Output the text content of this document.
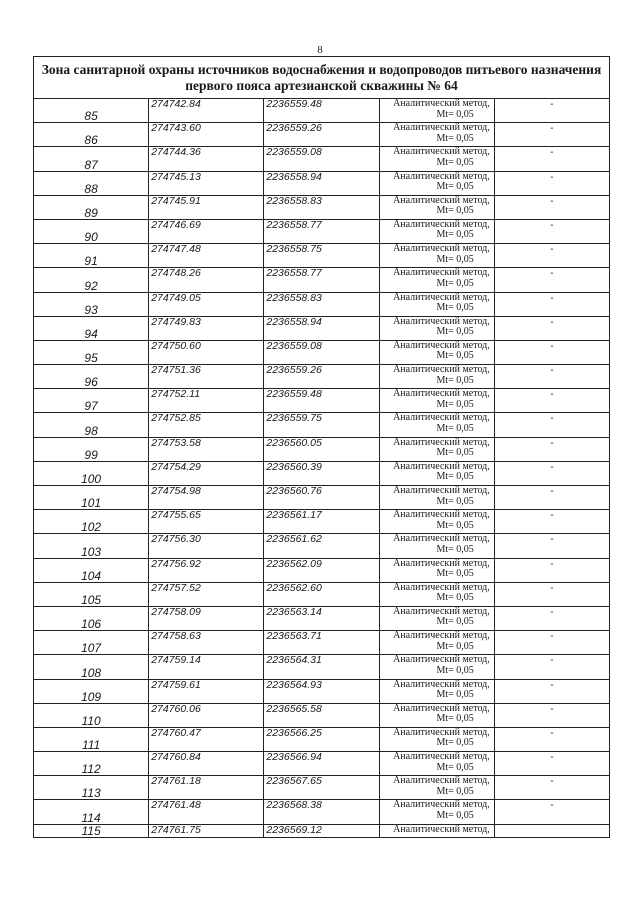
8
Зона санитарной охраны источников водоснабжения и водопроводов питьевого назначения
первого пояса артезианской скважины № 64				

85	274742.84	2236559.48	Аналитический метод,
Mt= 0,05	-
86	274743.60	2236559.26	Аналитический метод,
Mt= 0,05	-
87	274744.36	2236559.08	Аналитический метод,
Mt= 0,05	-
88	274745.13	2236558.94	Аналитический метод,
Mt= 0,05	-
89	274745.91	2236558.83	Аналитический метод,
Mt= 0,05	-
90	274746.69	2236558.77	Аналитический метод,
Mt= 0,05	-
91	274747.48	2236558.75	Аналитический метод,
Mt= 0,05	-
92	274748.26	2236558.77	Аналитический метод,
Mt= 0,05	-
93	274749.05	2236558.83	Аналитический метод,
Mt= 0,05	-
94	274749.83	2236558.94	Аналитический метод,
Mt= 0,05	-
95	274750.60	2236559.08	Аналитический метод,
Mt= 0,05	-
96	274751.36	2236559.26	Аналитический метод,
Mt= 0,05	-
97	274752.11	2236559.48	Аналитический метод,
Mt= 0,05	-
98	274752.85	2236559.75	Аналитический метод,
Mt= 0,05	-
99	274753.58	2236560.05	Аналитический метод,
Mt= 0,05	-
100	274754.29	2236560.39	Аналитический метод,
Mt= 0,05	-
101	274754.98	2236560.76	Аналитический метод,
Mt= 0,05	-
102	274755.65	2236561.17	Аналитический метод,
Mt= 0,05	-
103	274756.30	2236561.62	Аналитический метод,
Mt= 0,05	-
104	274756.92	2236562.09	Аналитический метод,
Mt= 0,05	-
105	274757.52	2236562.60	Аналитический метод,
Mt= 0,05	-
106	274758.09	2236563.14	Аналитический метод,
Mt= 0,05	-
107	274758.63	2236563.71	Аналитический метод,
Mt= 0,05	-
108	274759.14	2236564.31	Аналитический метод,
Mt= 0,05	-
109	274759.61	2236564.93	Аналитический метод,
Mt= 0,05	-
110	274760.06	2236565.58	Аналитический метод,
Mt= 0,05	-
111	274760.47	2236566.25	Аналитический метод,
Mt= 0,05	-
112	274760.84	2236566.94	Аналитический метод,
Mt= 0,05	-
113	274761.18	2236567.65	Аналитический метод,
Mt= 0,05	-
114	274761.48	2236568.38	Аналитический метод,
Mt= 0,05	-
115	274761.75	2236569.12	Аналитический метод,	
